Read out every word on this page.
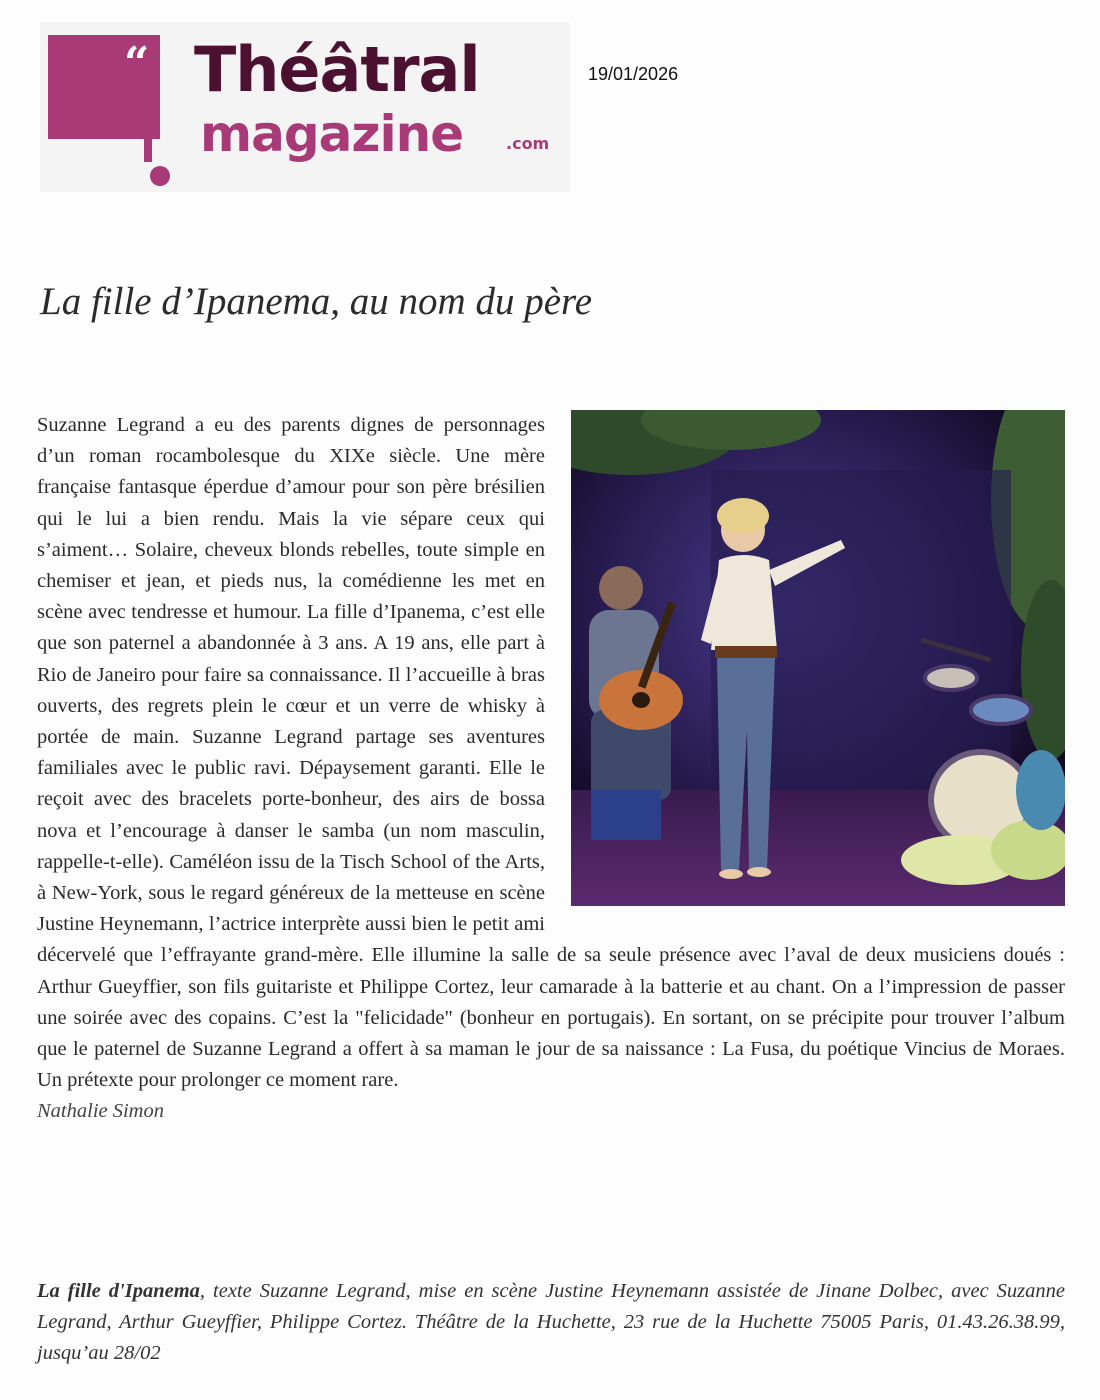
“ Théâtral
magazine	.com
19/01/2026
La fille d’Ipanema, au nom du père
Suzanne Legrand a eu des parents dignes de personnages d’un roman rocambolesque du XIXe siècle. Une mère française fantasque éperdue d’amour pour son père brésilien qui le lui a bien rendu. Mais la vie sépare ceux qui s’aiment… Solaire, cheveux blonds rebelles, toute simple en chemiser et jean, et pieds nus, la comédienne les met en scène avec tendresse et humour. La fille d’Ipanema, c’est elle que son paternel a abandonnée à 3 ans. A 19 ans, elle part à Rio de Janeiro pour faire sa connaissance. Il l’accueille à bras ouverts, des regrets plein le cœur et un verre de whisky à portée de main. Suzanne Legrand partage ses aventures familiales avec le public ravi. Dépaysement garanti. Elle le reçoit avec des bracelets porte-bonheur, des airs de bossa nova et l’encourage à danser le samba (un nom masculin, rappelle-t-elle). Caméléon issu de la Tisch School of the Arts, à New-York, sous le regard généreux de la metteuse en scène Justine Heynemann, l’actrice interprète aussi bien le petit ami décervelé que l’effrayante grand-mère. Elle illumine la salle de sa seule présence avec l’aval de deux musiciens doués : Arthur Gueyffier, son fils guitariste et Philippe Cortez, leur camarade à la batterie et au chant. On a l’impression de passer une soirée avec des copains. C’est la "felicidade" (bonheur en portugais). En sortant, on se précipite pour trouver l’album que le paternel de Suzanne Legrand a offert à sa maman le jour de sa naissance : La Fusa, du poétique Vincius de Moraes. Un prétexte pour prolonger ce moment rare.
Nathalie Simon
La fille d'Ipanema, texte Suzanne Legrand, mise en scène Justine Heynemann assistée de Jinane Dolbec, avec Suzanne Legrand, Arthur Gueyffier, Philippe Cortez. Théâtre de la Huchette, 23 rue de la Huchette 75005 Paris, 01.43.26.38.99, jusqu’au 28/02
